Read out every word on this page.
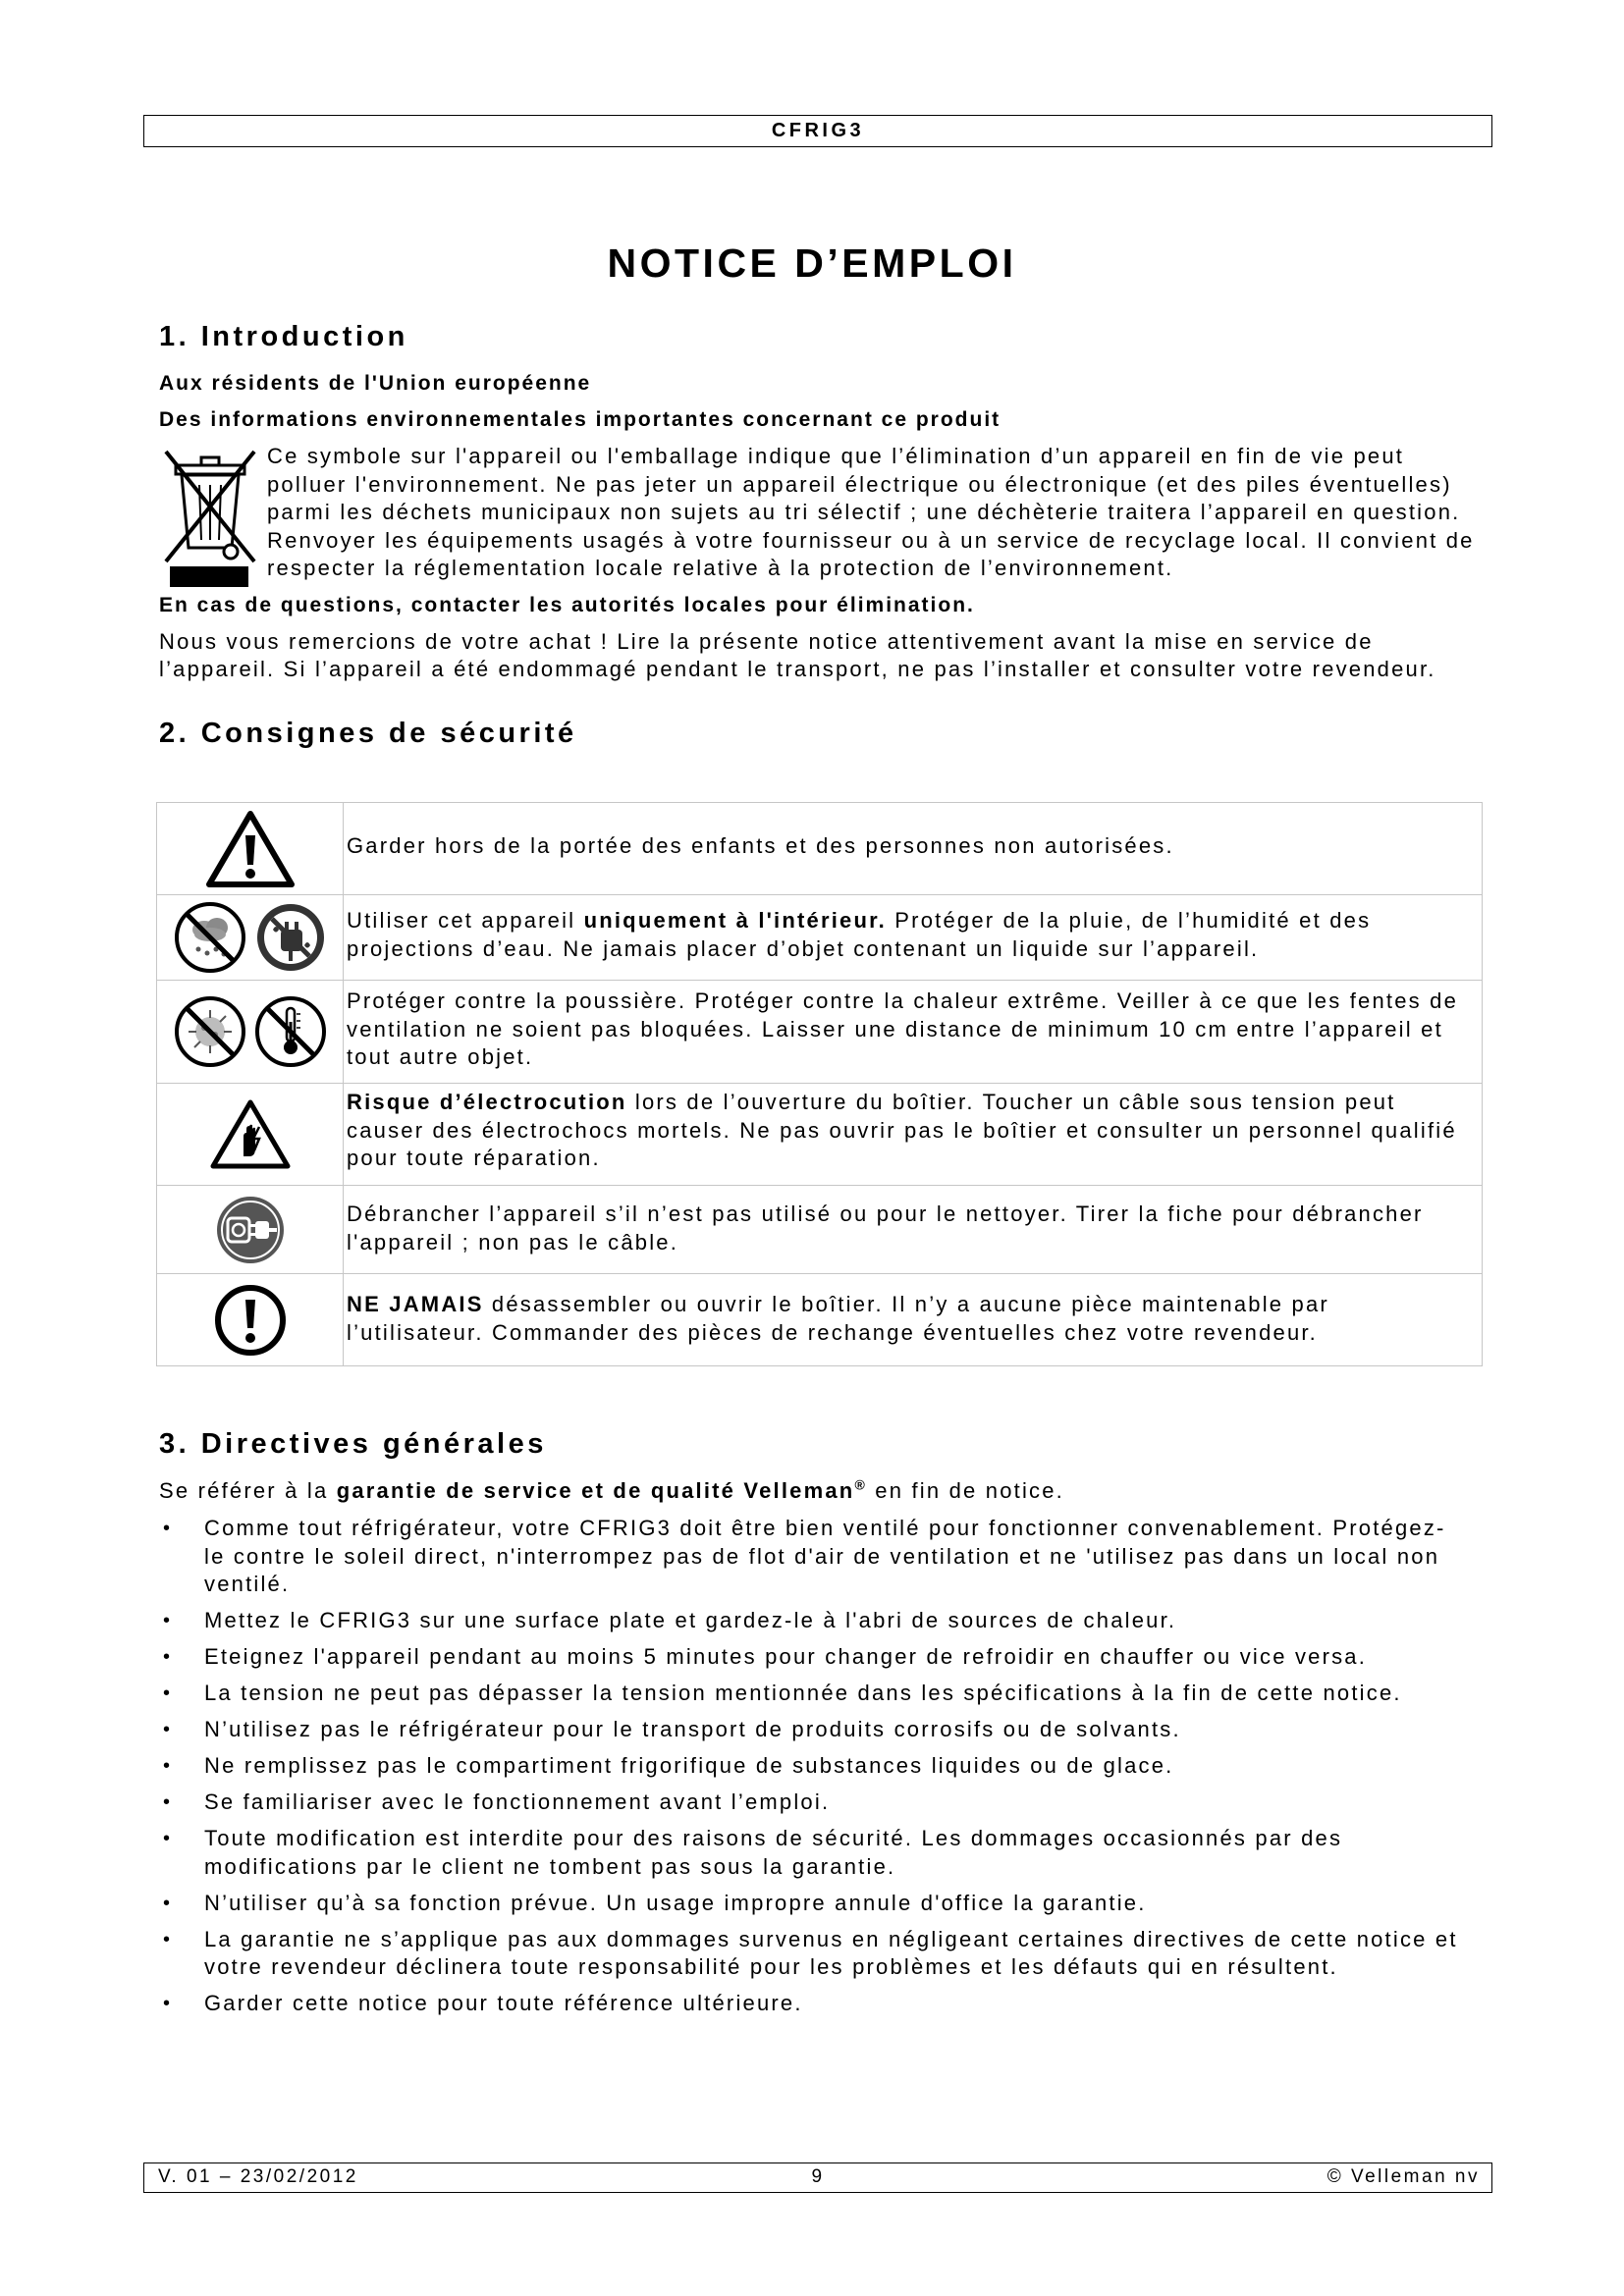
CFRIG3
NOTICE D’EMPLOI
1. Introduction
Aux résidents de l'Union européenne
Des informations environnementales importantes concernant ce produit
Ce symbole sur l'appareil ou l'emballage indique que l’élimination d’un appareil en fin de vie peut
polluer l'environnement. Ne pas jeter un appareil électrique ou électronique (et des piles éventuelles)
parmi les déchets municipaux non sujets au tri sélectif ; une déchèterie traitera l’appareil en question.
Renvoyer les équipements usagés à votre fournisseur ou à un service de recyclage local. Il convient de
respecter la réglementation locale relative à la protection de l’environnement.
En cas de questions, contacter les autorités locales pour élimination.
Nous vous remercions de votre achat ! Lire la présente notice attentivement avant la mise en service de
l’appareil. Si l’appareil a été endommagé pendant le transport, ne pas l’installer et consulter votre revendeur.
2. Consignes de sécurité
Garder hors de la portée des enfants et des personnes non autorisées.
Utiliser cet appareil uniquement à l'intérieur. Protéger de la pluie, de l’humidité et des
projections d’eau. Ne jamais placer d’objet contenant un liquide sur l’appareil.
Protéger contre la poussière. Protéger contre la chaleur extrême. Veiller à ce que les fentes de
ventilation ne soient pas bloquées. Laisser une distance de minimum 10 cm entre l’appareil et
tout autre objet.
Risque d’électrocution lors de l’ouverture du boîtier. Toucher un câble sous tension peut
causer des électrochocs mortels. Ne pas ouvrir pas le boîtier et consulter un personnel qualifié
pour toute réparation.
Débrancher l’appareil s’il n’est pas utilisé ou pour le nettoyer. Tirer la fiche pour débrancher
l'appareil ; non pas le câble.
NE JAMAIS désassembler ou ouvrir le boîtier. Il n’y a aucune pièce maintenable par
l’utilisateur. Commander des pièces de rechange éventuelles chez votre revendeur.
3. Directives générales
Se référer à la garantie de service et de qualité Velleman® en fin de notice.
• Comme tout réfrigérateur, votre CFRIG3 doit être bien ventilé pour fonctionner convenablement. Protégez-
le contre le soleil direct, n'interrompez pas de flot d'air de ventilation et ne 'utilisez pas dans un local non
ventilé.
• Mettez le CFRIG3 sur une surface plate et gardez-le à l'abri de sources de chaleur.
• Eteignez l'appareil pendant au moins 5 minutes pour changer de refroidir en chauffer ou vice versa.
• La tension ne peut pas dépasser la tension mentionnée dans les spécifications à la fin de cette notice.
• N’utilisez pas le réfrigérateur pour le transport de produits corrosifs ou de solvants.
• Ne remplissez pas le compartiment frigorifique de substances liquides ou de glace.
• Se familiariser avec le fonctionnement avant l’emploi.
• Toute modification est interdite pour des raisons de sécurité. Les dommages occasionnés par des
modifications par le client ne tombent pas sous la garantie.
• N’utiliser qu’à sa fonction prévue. Un usage impropre annule d'office la garantie.
• La garantie ne s’applique pas aux dommages survenus en négligeant certaines directives de cette notice et
votre revendeur déclinera toute responsabilité pour les problèmes et les défauts qui en résultent.
• Garder cette notice pour toute référence ultérieure.
V. 01 – 23/02/2012	9	© Velleman nv
